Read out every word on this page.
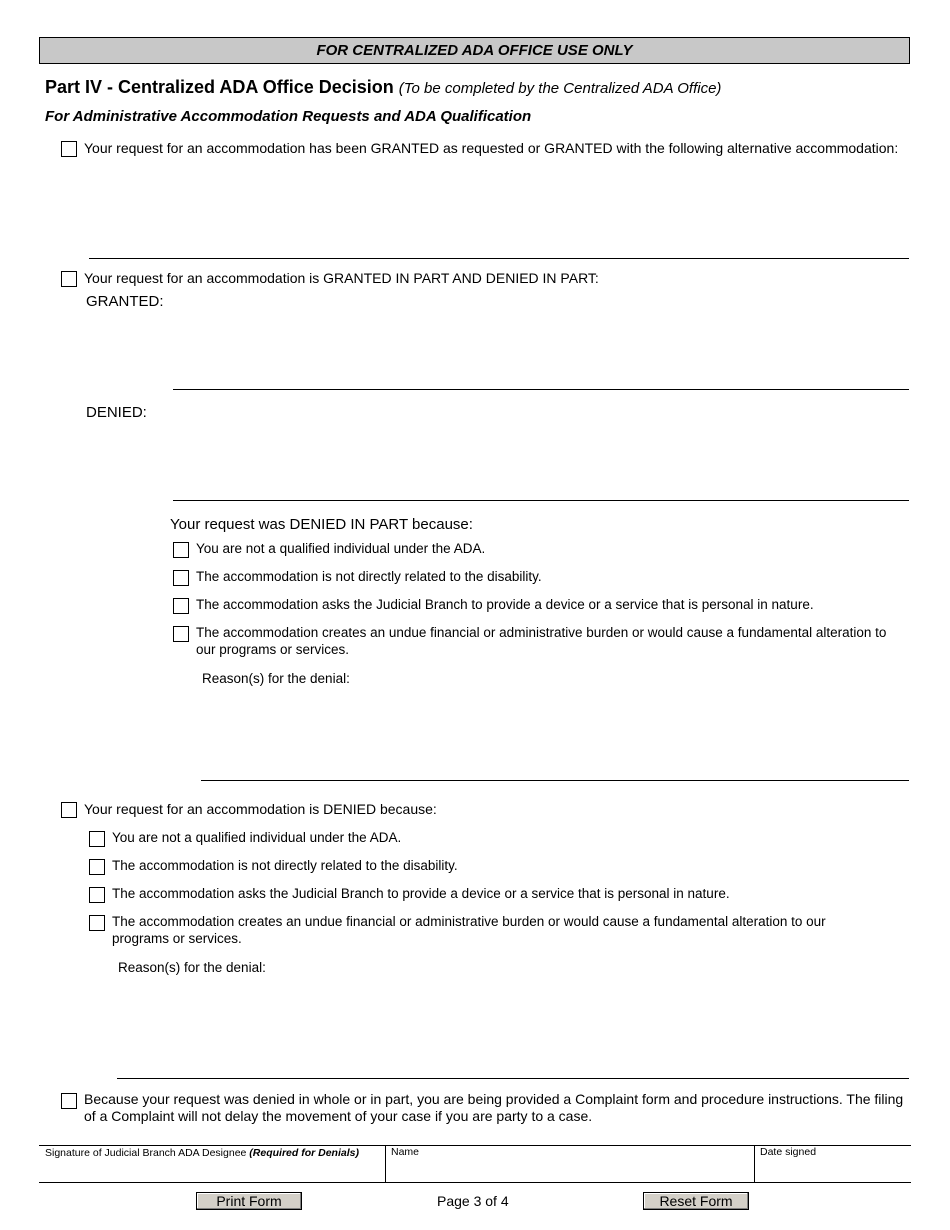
FOR CENTRALIZED ADA OFFICE USE ONLY
Part IV - Centralized ADA Office Decision (To be completed by the Centralized ADA Office)
For Administrative Accommodation Requests and ADA Qualification
Your request for an accommodation has been GRANTED as requested or GRANTED with the following alternative accommodation:
Your request for an accommodation is GRANTED IN PART AND DENIED IN PART:
GRANTED:
DENIED:
Your request was DENIED IN PART because:
You are not a qualified individual under the ADA.
The accommodation is not directly related to the disability.
The accommodation asks the Judicial Branch to provide a device or a service that is personal in nature.
The accommodation creates an undue financial or administrative burden or would cause a fundamental alteration to our programs or services.
Reason(s) for the denial:
Your request for an accommodation is DENIED because:
You are not a qualified individual under the ADA.
The accommodation is not directly related to the disability.
The accommodation asks the Judicial Branch to provide a device or a service that is personal in nature.
The accommodation creates an undue financial or administrative burden or would cause a fundamental alteration to our programs or services.
Reason(s) for the denial:
Because your request was denied in whole or in part, you are being provided a Complaint form and procedure instructions. The filing of a Complaint will not delay the movement of your case if you are party to a case.
Signature of Judicial Branch ADA Designee (Required for Denials)	Name	Date signed
Print Form	Page 3 of 4	Reset Form
